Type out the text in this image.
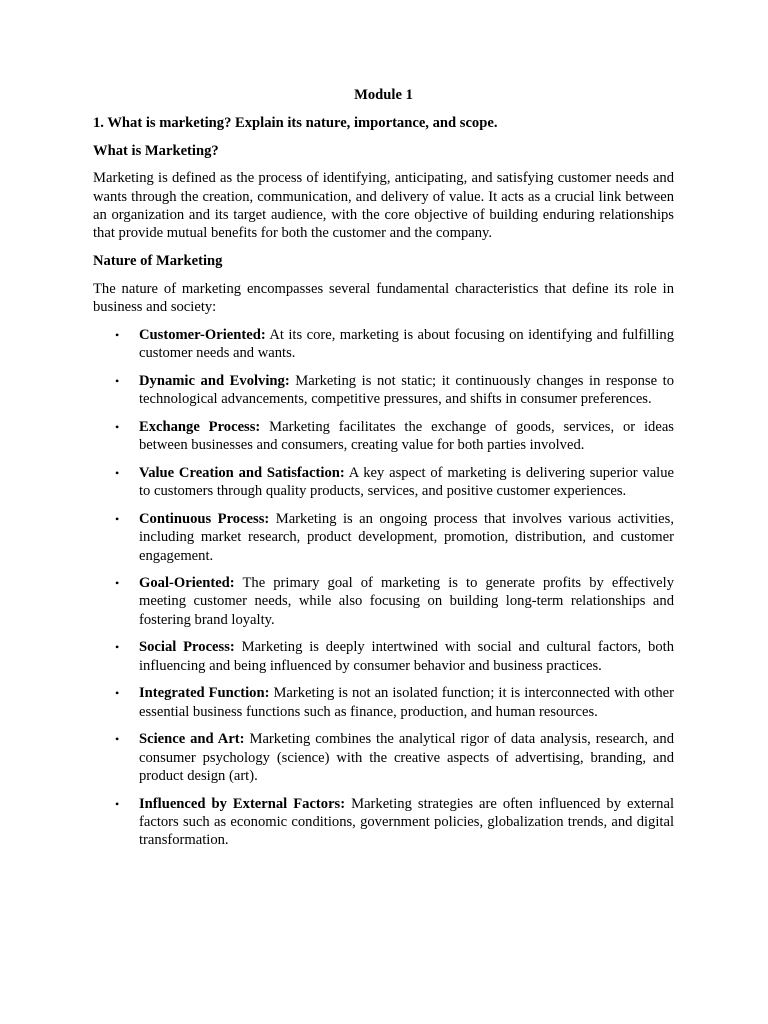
Module 1
1. What is marketing? Explain its nature, importance, and scope.
What is Marketing?
Marketing is defined as the process of identifying, anticipating, and satisfying customer needs and wants through the creation, communication, and delivery of value. It acts as a crucial link between an organization and its target audience, with the core objective of building enduring relationships that provide mutual benefits for both the customer and the company.
Nature of Marketing
The nature of marketing encompasses several fundamental characteristics that define its role in business and society:
• Customer-Oriented: At its core, marketing is about focusing on identifying and fulfilling customer needs and wants.
• Dynamic and Evolving: Marketing is not static; it continuously changes in response to technological advancements, competitive pressures, and shifts in consumer preferences.
• Exchange Process: Marketing facilitates the exchange of goods, services, or ideas between businesses and consumers, creating value for both parties involved.
• Value Creation and Satisfaction: A key aspect of marketing is delivering superior value to customers through quality products, services, and positive customer experiences.
• Continuous Process: Marketing is an ongoing process that involves various activities, including market research, product development, promotion, distribution, and customer engagement.
• Goal-Oriented: The primary goal of marketing is to generate profits by effectively meeting customer needs, while also focusing on building long-term relationships and fostering brand loyalty.
• Social Process: Marketing is deeply intertwined with social and cultural factors, both influencing and being influenced by consumer behavior and business practices.
• Integrated Function: Marketing is not an isolated function; it is interconnected with other essential business functions such as finance, production, and human resources.
• Science and Art: Marketing combines the analytical rigor of data analysis, research, and consumer psychology (science) with the creative aspects of advertising, branding, and product design (art).
• Influenced by External Factors: Marketing strategies are often influenced by external factors such as economic conditions, government policies, globalization trends, and digital transformation.
